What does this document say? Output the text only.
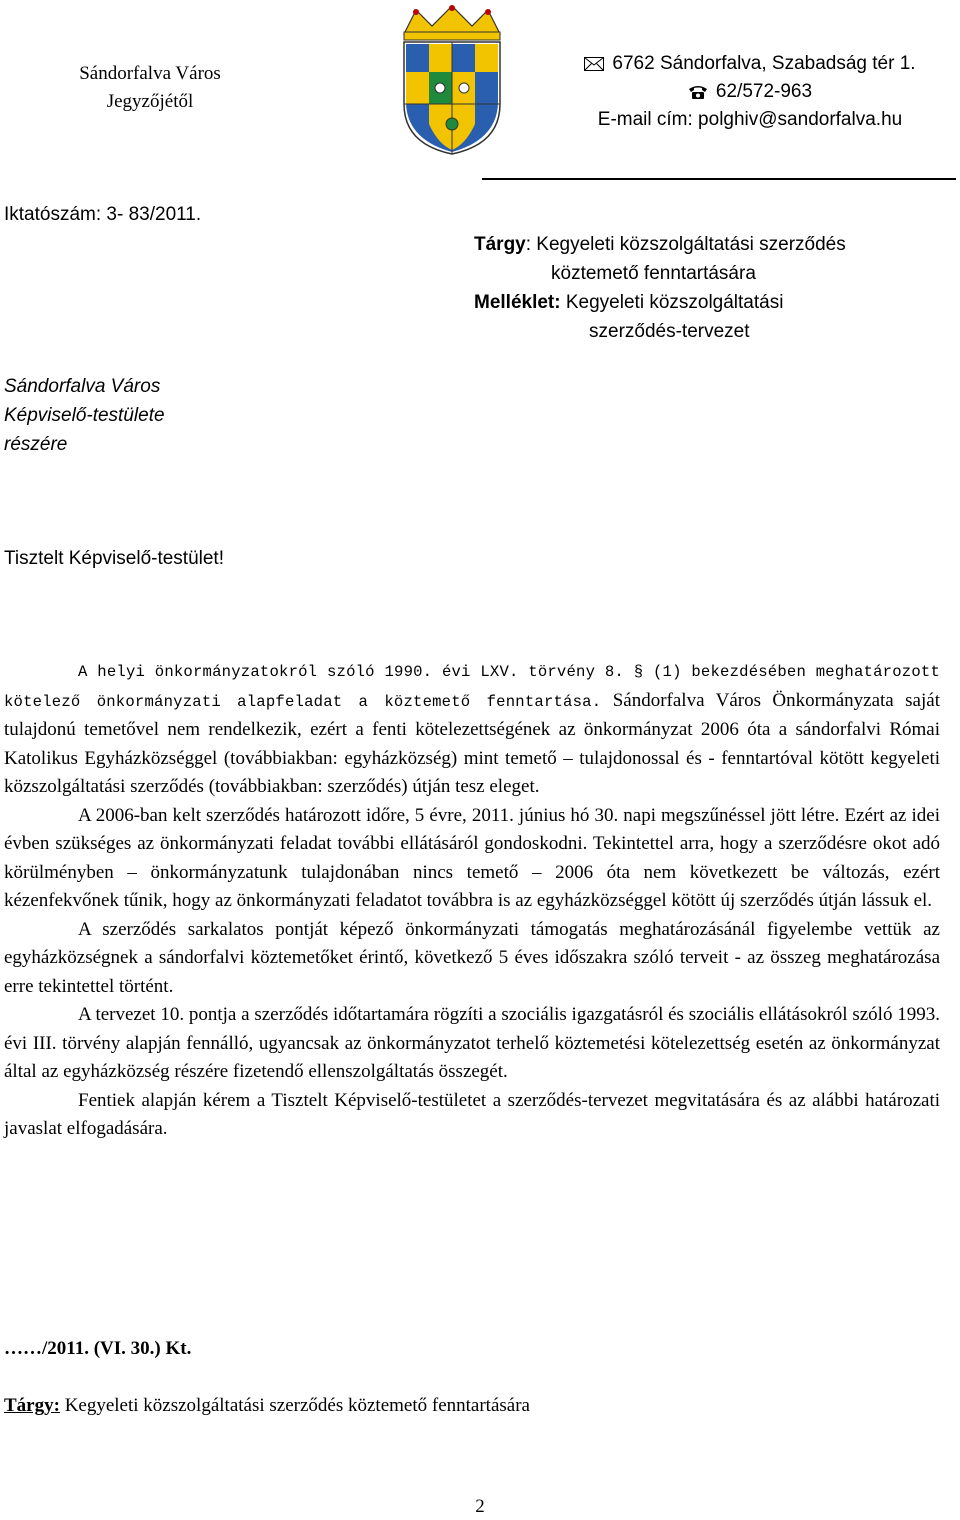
Sándorfalva Város
Jegyzőjétől
6762 Sándorfalva, Szabadság tér 1.
62/572-963
E-mail cím: polghiv@sandorfalva.hu
Iktatószám: 3- 83/2011.
Tárgy: Kegyeleti közszolgáltatási szerződés
köztemető fenntartására
Melléklet: Kegyeleti közszolgáltatási
szerződés-tervezet
Sándorfalva Város
Képviselő-testülete
részére
Tisztelt Képviselő-testület!

A helyi önkormányzatokról szóló 1990. évi LXV. törvény 8. § (1) bekezdésében meghatározott kötelező önkormányzati alapfeladat a köztemető fenntartása. Sándorfalva Város Önkormányzata saját tulajdonú temetővel nem rendelkezik, ezért a fenti kötelezettségének az önkormányzat 2006 óta a sándorfalvi Római Katolikus Egyházközséggel (továbbiakban: egyházközség) mint temető – tulajdonossal és - fenntartóval kötött kegyeleti közszolgáltatási szerződés (továbbiakban: szerződés) útján tesz eleget.

A 2006-ban kelt szerződés határozott időre, 5 évre, 2011. június hó 30. napi megszűnéssel jött létre. Ezért az idei évben szükséges az önkormányzati feladat további ellátásáról gondoskodni. Tekintettel arra, hogy a szerződésre okot adó körülményben – önkormányzatunk tulajdonában nincs temető – 2006 óta nem következett be változás, ezért kézenfekvőnek tűnik, hogy az önkormányzati feladatot továbbra is az egyházközséggel kötött új szerződés útján lássuk el.

A szerződés sarkalatos pontját képező önkormányzati támogatás meghatározásánál figyelembe vettük az egyházközségnek a sándorfalvi köztemetőket érintő, következő 5 éves időszakra szóló terveit - az összeg meghatározása erre tekintettel történt.

A tervezet 10. pontja a szerződés időtartamára rögzíti a szociális igazgatásról és szociális ellátásokról szóló 1993. évi III. törvény alapján fennálló, ugyancsak az önkormányzatot terhelő köztemetési kötelezettség esetén az önkormányzat által az egyházközség részére fizetendő ellenszolgáltatás összegét.

Fentiek alapján kérem a Tisztelt Képviselő-testületet a szerződés-tervezet megvitatására és az alábbi határozati javaslat elfogadására.

……/2011. (VI. 30.) Kt.
Tárgy: Kegyeleti közszolgáltatási szerződés köztemető fenntartására
2
